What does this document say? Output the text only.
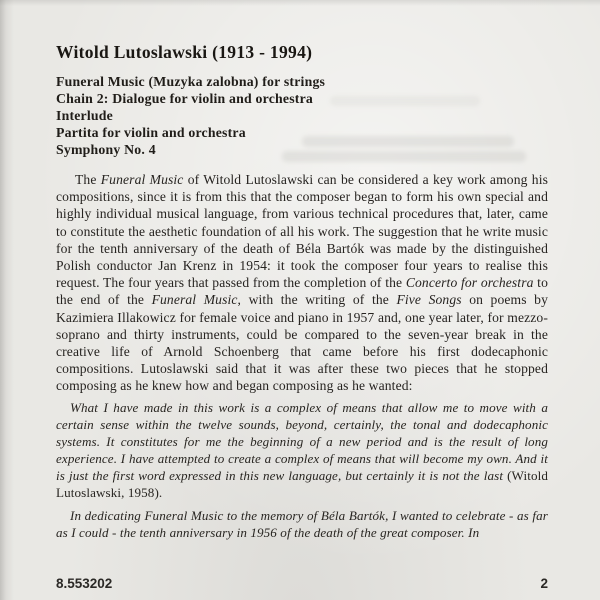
Witold Lutoslawski (1913 - 1994)
Funeral Music (Muzyka zalobna) for strings
Chain 2: Dialogue for violin and orchestra
Interlude
Partita for violin and orchestra
Symphony No. 4

The Funeral Music of Witold Lutoslawski can be considered a key work among his compositions, since it is from this that the composer began to form his own special and highly individual musical language, from various technical procedures that, later, came to constitute the aesthetic foundation of all his work. The suggestion that he write music for the tenth anniversary of the death of Béla Bartók was made by the distinguished Polish conductor Jan Krenz in 1954: it took the composer four years to realise this request. The four years that passed from the completion of the Concerto for orchestra to the end of the Funeral Music, with the writing of the Five Songs on poems by Kazimiera Illakowicz for female voice and piano in 1957 and, one year later, for mezzo-soprano and thirty instruments, could be compared to the seven-year break in the creative life of Arnold Schoenberg that came before his first dodecaphonic compositions. Lutoslawski said that it was after these two pieces that he stopped composing as he knew how and began composing as he wanted:

What I have made in this work is a complex of means that allow me to move with a certain sense within the twelve sounds, beyond, certainly, the tonal and dodecaphonic systems. It constitutes for me the beginning of a new period and is the result of long experience. I have attempted to create a complex of means that will become my own. And it is just the first word expressed in this new language, but certainly it is not the last (Witold Lutoslawski, 1958).

In dedicating Funeral Music to the memory of Béla Bartók, I wanted to celebrate - as far as I could - the tenth anniversary in 1956 of the death of the great composer. In

8.553202	2
